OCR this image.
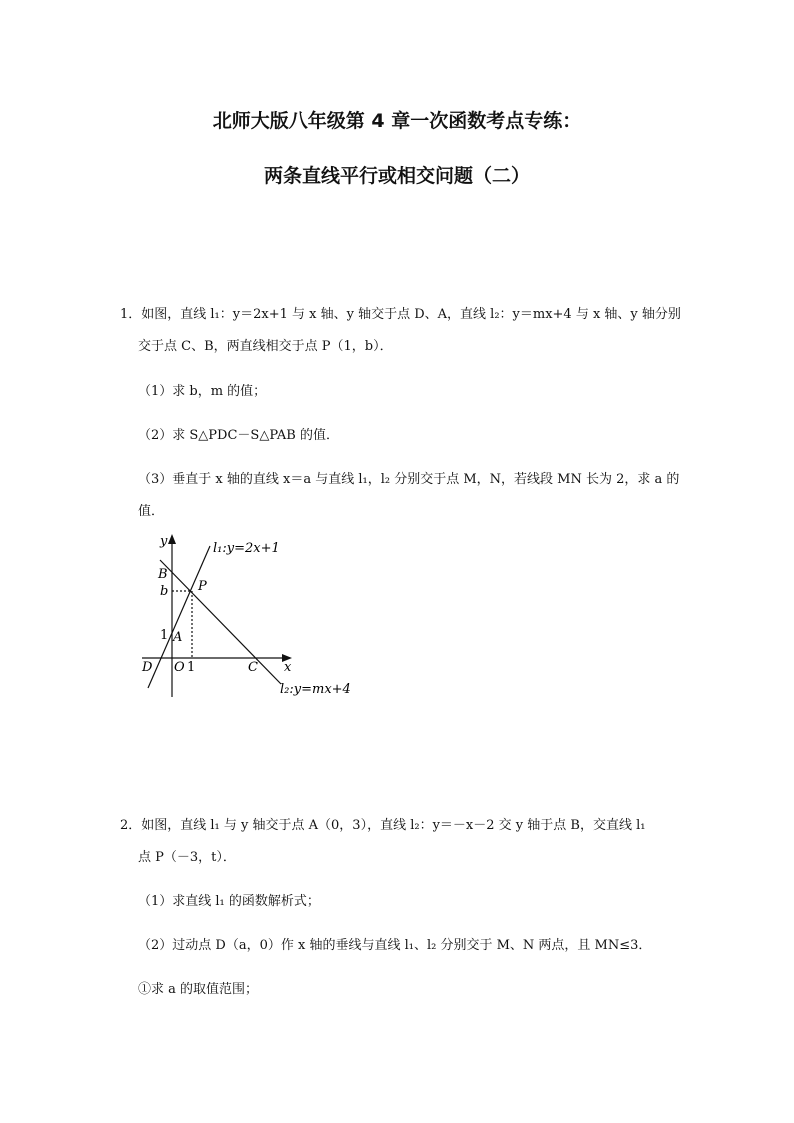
北师大版八年级第 4 章一次函数考点专练：
两条直线平行或相交问题（二）
1．如图，直线 l₁：y＝2x+1 与 x 轴、y 轴交于点 D、A，直线 l₂：y＝mx+4 与 x 轴、y 轴分别
交于点 C、B，两直线相交于点 P（1，b）．
（1）求 b，m 的值；
（2）求 S△PDC－S△PAB 的值．
（3）垂直于 x 轴的直线 x＝a 与直线 l₁，l₂ 分别交于点 M，N，若线段 MN 长为 2，求 a 的
值．
y	l₁:y=2x+1
B
b P
1 A
D O 1	C x
l₂:y=mx+4
2．如图，直线 l₁ 与 y 轴交于点 A（0，3），直线 l₂：y＝－x－2 交 y 轴于点 B，交直线 l₁
点 P（－3，t）．
（1）求直线 l₁ 的函数解析式；
（2）过动点 D（a，0）作 x 轴的垂线与直线 l₁、l₂ 分别交于 M、N 两点，且 MN≤3．
①求 a 的取值范围；
